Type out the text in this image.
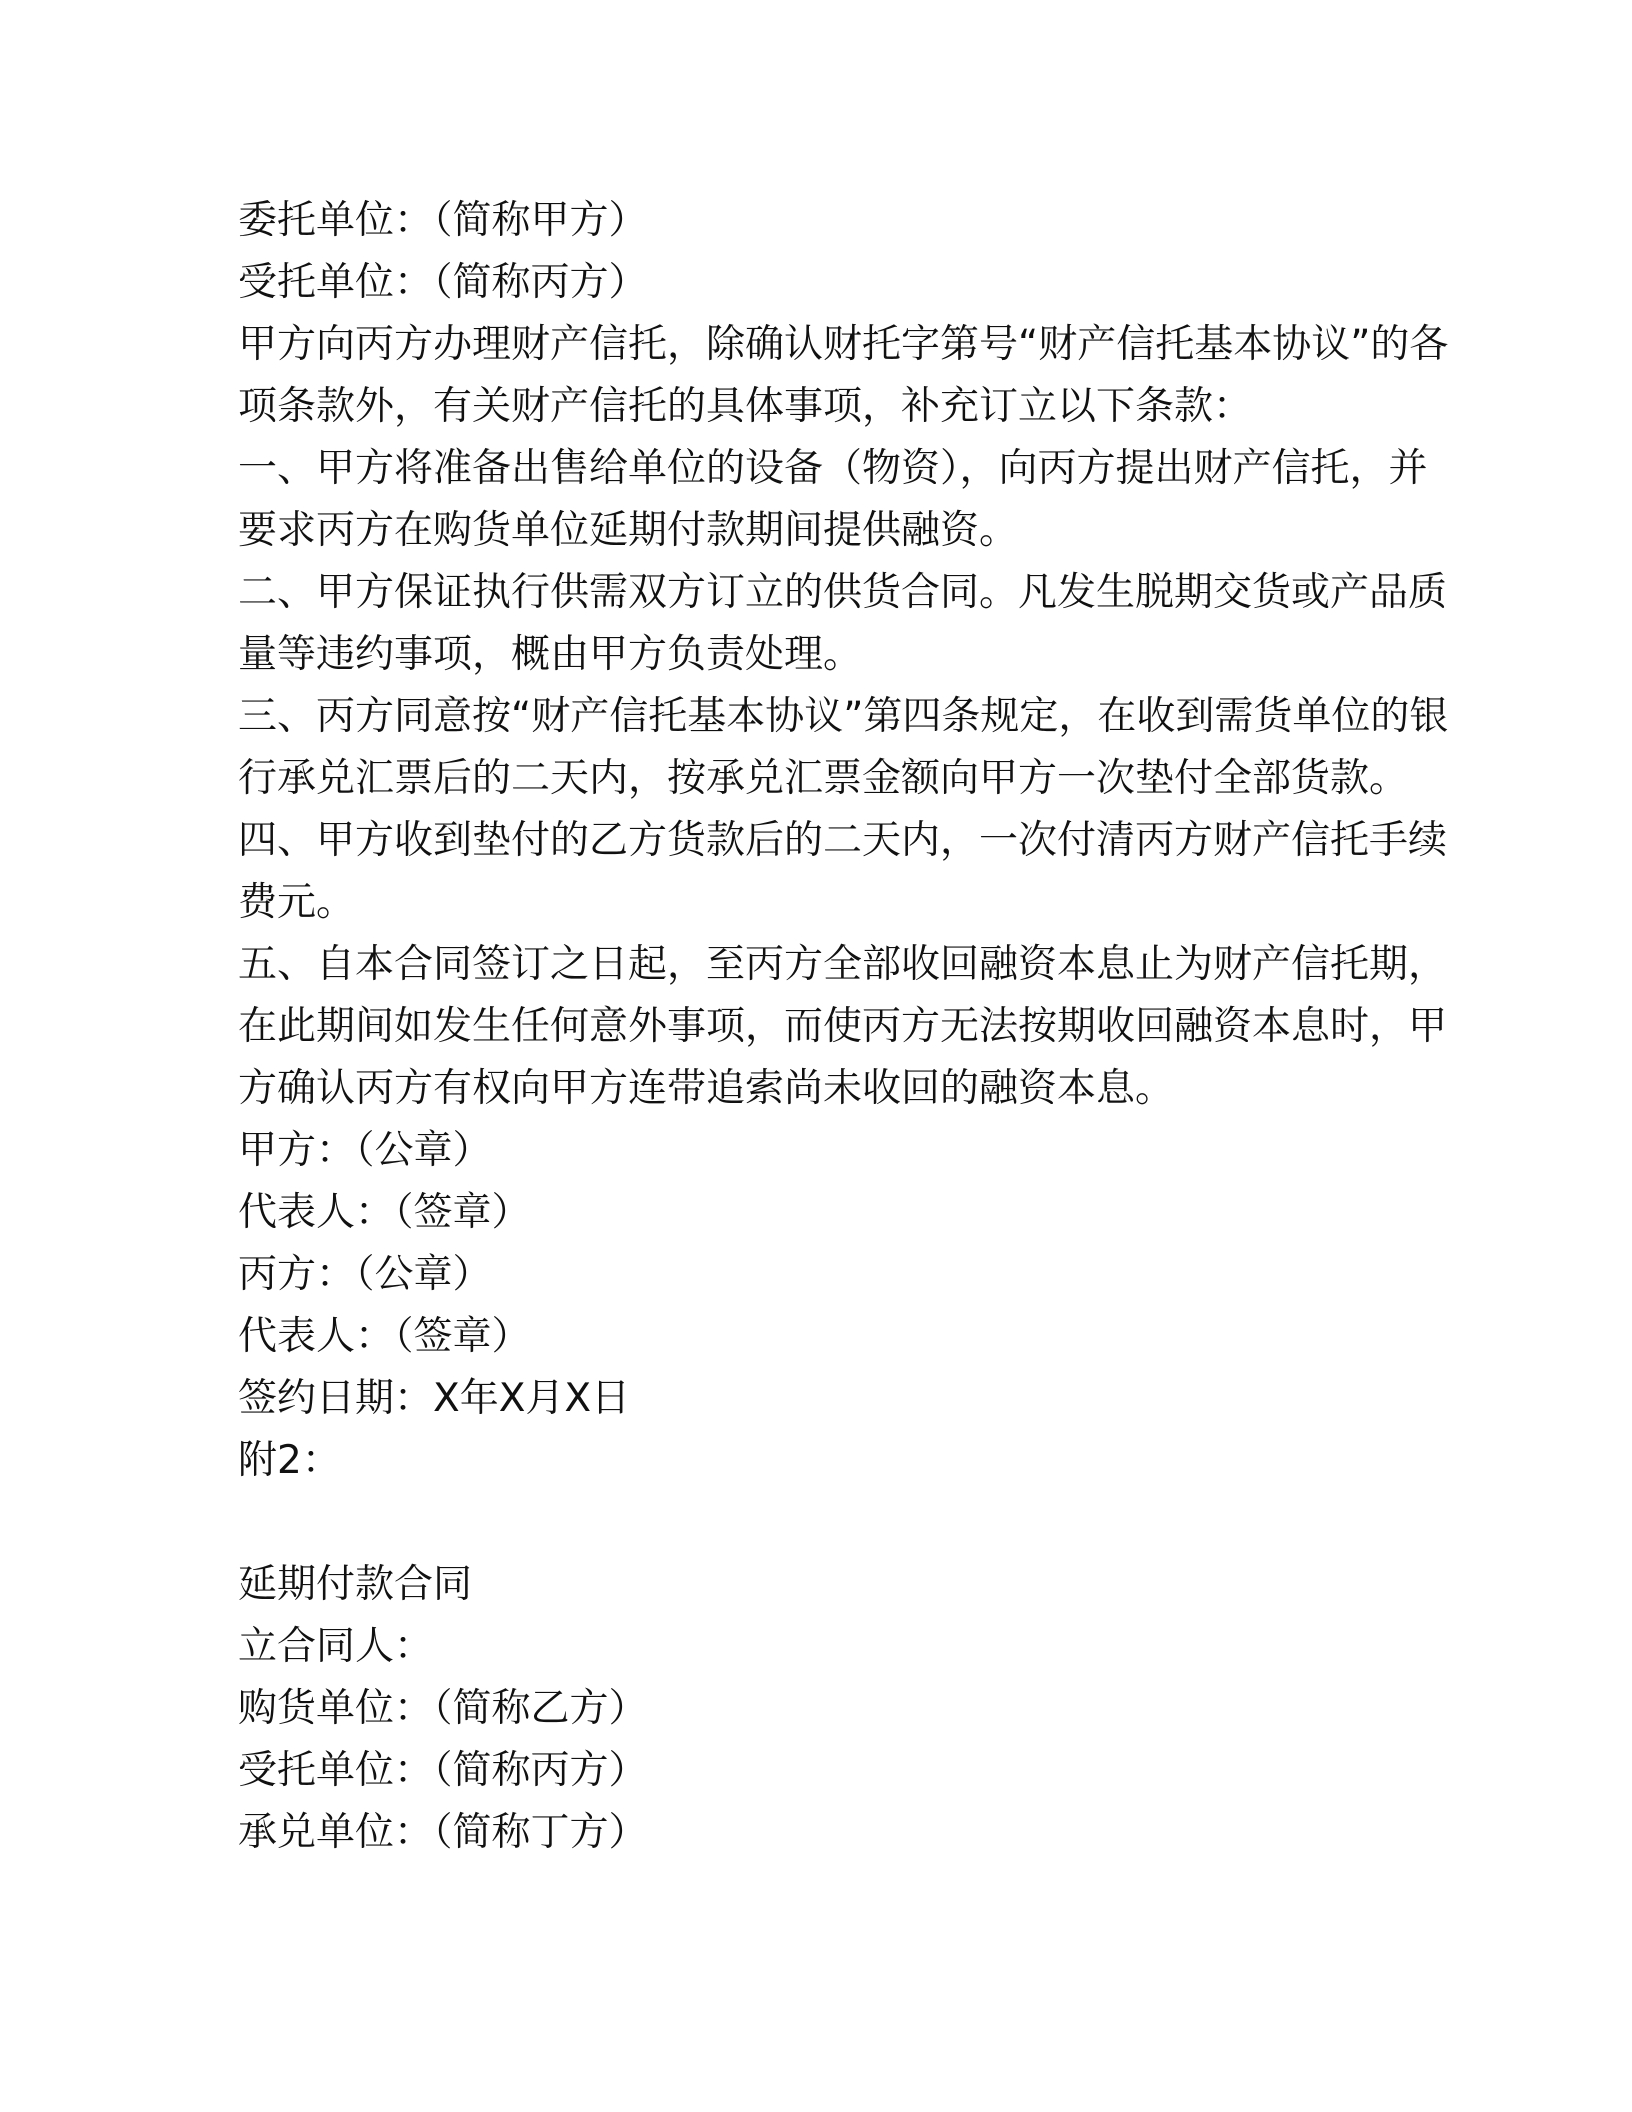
委托单位：（简称甲方）
受托单位：（简称丙方）
甲方向丙方办理财产信托，除确认财托字第号“财产信托基本协议”的各
项条款外，有关财产信托的具体事项，补充订立以下条款：
一、甲方将准备出售给单位的设备（物资），向丙方提出财产信托，并
要求丙方在购货单位延期付款期间提供融资。
二、甲方保证执行供需双方订立的供货合同。凡发生脱期交货或产品质
量等违约事项，概由甲方负责处理。
三、丙方同意按“财产信托基本协议”第四条规定，在收到需货单位的银
行承兑汇票后的二天内，按承兑汇票金额向甲方一次垫付全部货款。
四、甲方收到垫付的乙方货款后的二天内，一次付清丙方财产信托手续
费元。
五、自本合同签订之日起，至丙方全部收回融资本息止为财产信托期，
在此期间如发生任何意外事项，而使丙方无法按期收回融资本息时，甲
方确认丙方有权向甲方连带追索尚未收回的融资本息。
甲方：（公章）
代表人：（签章）
丙方：（公章）
代表人：（签章）
签约日期：X年X月X日
附2：
延期付款合同
立合同人：
购货单位：（简称乙方）
受托单位：（简称丙方）
承兑单位：（简称丁方）
